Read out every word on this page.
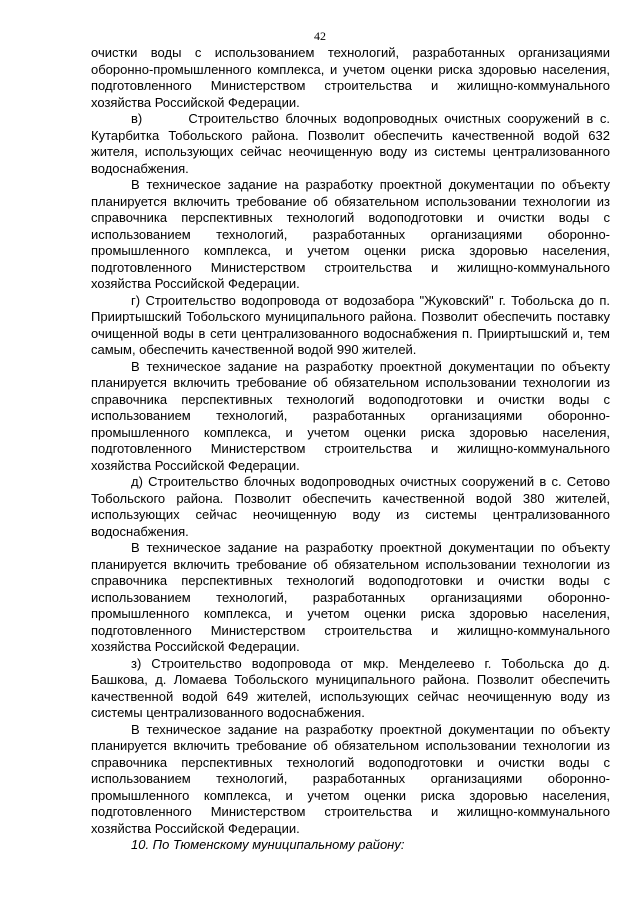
42

очистки воды с использованием технологий, разработанных организациями оборонно-промышленного комплекса, и учетом оценки риска здоровью населения, подготовленного Министерством строительства и жилищно-коммунального хозяйства Российской Федерации.

в)       Строительство блочных водопроводных очистных сооружений в с. Кутарбитка Тобольского района. Позволит обеспечить качественной водой 632 жителя, использующих сейчас неочищенную воду из системы централизованного водоснабжения.

В техническое задание на разработку проектной документации по объекту планируется включить требование об обязательном использовании технологии из справочника перспективных технологий водоподготовки и очистки воды с использованием технологий, разработанных организациями оборонно-промышленного комплекса, и учетом оценки риска здоровью населения, подготовленного Министерством строительства и жилищно-коммунального хозяйства Российской Федерации.

г) Строительство водопровода от водозабора "Жуковский" г. Тобольска до п. Прииртышский Тобольского муниципального района. Позволит обеспечить поставку очищенной воды в сети централизованного водоснабжения п. Прииртышский и, тем самым, обеспечить качественной водой 990 жителей.

В техническое задание на разработку проектной документации по объекту планируется включить требование об обязательном использовании технологии из справочника перспективных технологий водоподготовки и очистки воды с использованием технологий, разработанных организациями оборонно-промышленного комплекса, и учетом оценки риска здоровью населения, подготовленного Министерством строительства и жилищно-коммунального хозяйства Российской Федерации.

д) Строительство блочных водопроводных очистных сооружений в с. Сетово Тобольского района. Позволит обеспечить качественной водой 380 жителей, использующих сейчас неочищенную воду из системы централизованного водоснабжения.

В техническое задание на разработку проектной документации по объекту планируется включить требование об обязательном использовании технологии из справочника перспективных технологий водоподготовки и очистки воды с использованием технологий, разработанных организациями оборонно-промышленного комплекса, и учетом оценки риска здоровью населения, подготовленного Министерством строительства и жилищно-коммунального хозяйства Российской Федерации.

з) Строительство водопровода от мкр. Менделеево г. Тобольска до д. Башкова, д. Ломаева Тобольского муниципального района. Позволит обеспечить качественной водой 649 жителей, использующих сейчас неочищенную воду из системы централизованного водоснабжения.

В техническое задание на разработку проектной документации по объекту планируется включить требование об обязательном использовании технологии из справочника перспективных технологий водоподготовки и очистки воды с использованием технологий, разработанных организациями оборонно-промышленного комплекса, и учетом оценки риска здоровью населения, подготовленного Министерством строительства и жилищно-коммунального хозяйства Российской Федерации.

10. По Тюменскому муниципальному району:
